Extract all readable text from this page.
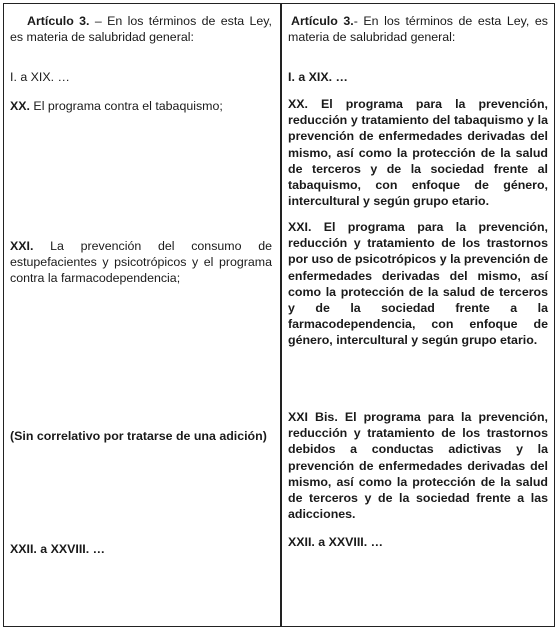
Artículo 3. – En los términos de esta Ley, es materia de salubridad general:

I. a XIX. …

XX. El programa contra el tabaquismo;

XXI. La prevención del consumo de estupefacientes y psicotrópicos y el programa contra la farmacodependencia;

(Sin correlativo por tratarse de una adición)

XXII. a XXVIII. …

Artículo 3.- En los términos de esta Ley, es materia de salubridad general:

I. a XIX. …

XX. El programa para la prevención, reducción y tratamiento del tabaquismo y la prevención de enfermedades derivadas del mismo, así como la protección de la salud de terceros y de la sociedad frente al tabaquismo, con enfoque de género, intercultural y según grupo etario.

XXI. El programa para la prevención, reducción y tratamiento de los trastornos por uso de psicotrópicos y la prevención de enfermedades derivadas del mismo, así como la protección de la salud de terceros y de la sociedad frente a la farmacodependencia, con enfoque de género, intercultural y según grupo etario.

XXI Bis. El programa para la prevención, reducción y tratamiento de los trastornos debidos a conductas adictivas y la prevención de enfermedades derivadas del mismo, así como la protección de la salud de terceros y de la sociedad frente a las adicciones.

XXII. a XXVIII. …
